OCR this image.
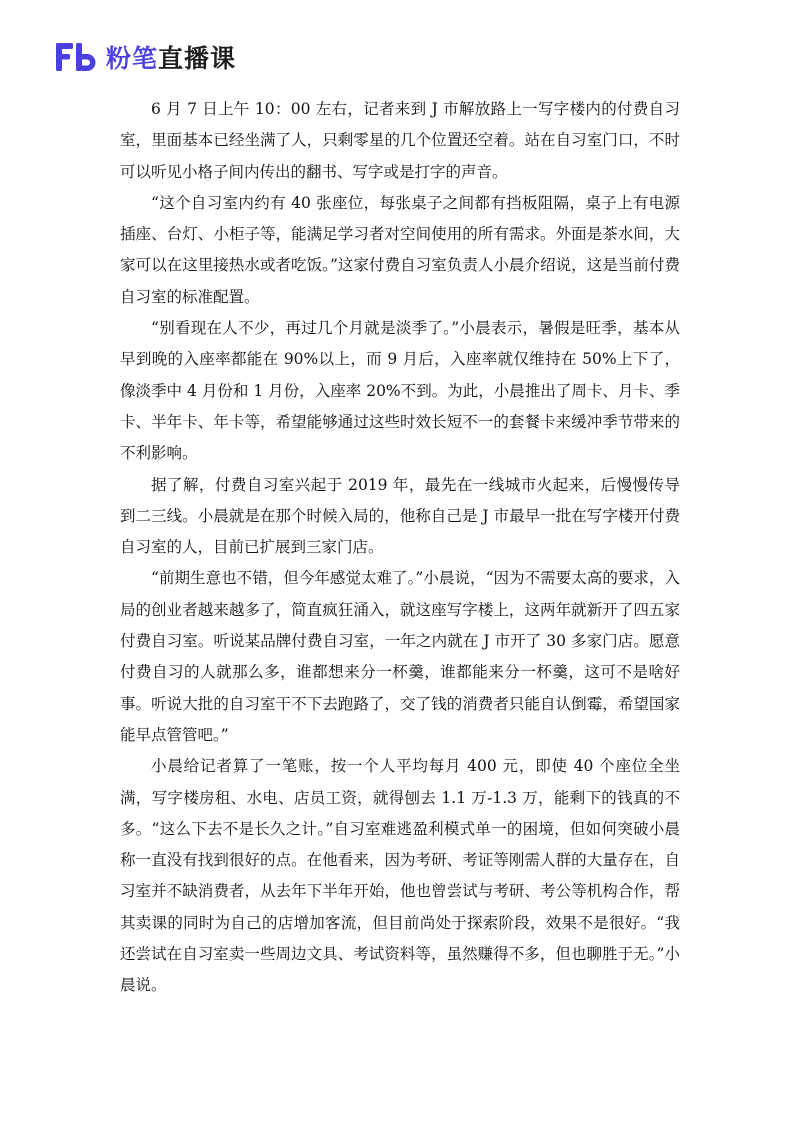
粉笔 直播课

6 月 7 日上午 10：00 左右，记者来到 J 市解放路上一写字楼内的付费自习室，里面基本已经坐满了人，只剩零星的几个位置还空着。站在自习室门口，不时可以听见小格子间内传出的翻书、写字或是打字的声音。

“这个自习室内约有 40 张座位，每张桌子之间都有挡板阻隔，桌子上有电源插座、台灯、小柜子等，能满足学习者对空间使用的所有需求。外面是茶水间，大家可以在这里接热水或者吃饭。”这家付费自习室负责人小晨介绍说，这是当前付费自习室的标准配置。

“别看现在人不少，再过几个月就是淡季了。”小晨表示，暑假是旺季，基本从早到晚的入座率都能在 90%以上，而 9 月后，入座率就仅维持在 50%上下了，像淡季中 4 月份和 1 月份，入座率 20%不到。为此，小晨推出了周卡、月卡、季卡、半年卡、年卡等，希望能够通过这些时效长短不一的套餐卡来缓冲季节带来的不利影响。

据了解，付费自习室兴起于 2019 年，最先在一线城市火起来，后慢慢传导到二三线。小晨就是在那个时候入局的，他称自己是 J 市最早一批在写字楼开付费自习室的人，目前已扩展到三家门店。

“前期生意也不错，但今年感觉太难了。”小晨说，“因为不需要太高的要求，入局的创业者越来越多了，简直疯狂涌入，就这座写字楼上，这两年就新开了四五家付费自习室。听说某品牌付费自习室，一年之内就在 J 市开了 30 多家门店。愿意付费自习的人就那么多，谁都想来分一杯羹，谁都能来分一杯羹，这可不是啥好事。听说大批的自习室干不下去跑路了，交了钱的消费者只能自认倒霉，希望国家能早点管管吧。”

小晨给记者算了一笔账，按一个人平均每月 400 元，即使 40 个座位全坐满，写字楼房租、水电、店员工资，就得刨去 1.1 万-1.3 万，能剩下的钱真的不多。“这么下去不是长久之计。”自习室难逃盈利模式单一的困境，但如何突破小晨称一直没有找到很好的点。在他看来，因为考研、考证等刚需人群的大量存在，自习室并不缺消费者，从去年下半年开始，他也曾尝试与考研、考公等机构合作，帮其卖课的同时为自己的店增加客流，但目前尚处于探索阶段，效果不是很好。“我还尝试在自习室卖一些周边文具、考试资料等，虽然赚得不多，但也聊胜于无。”小晨说。
